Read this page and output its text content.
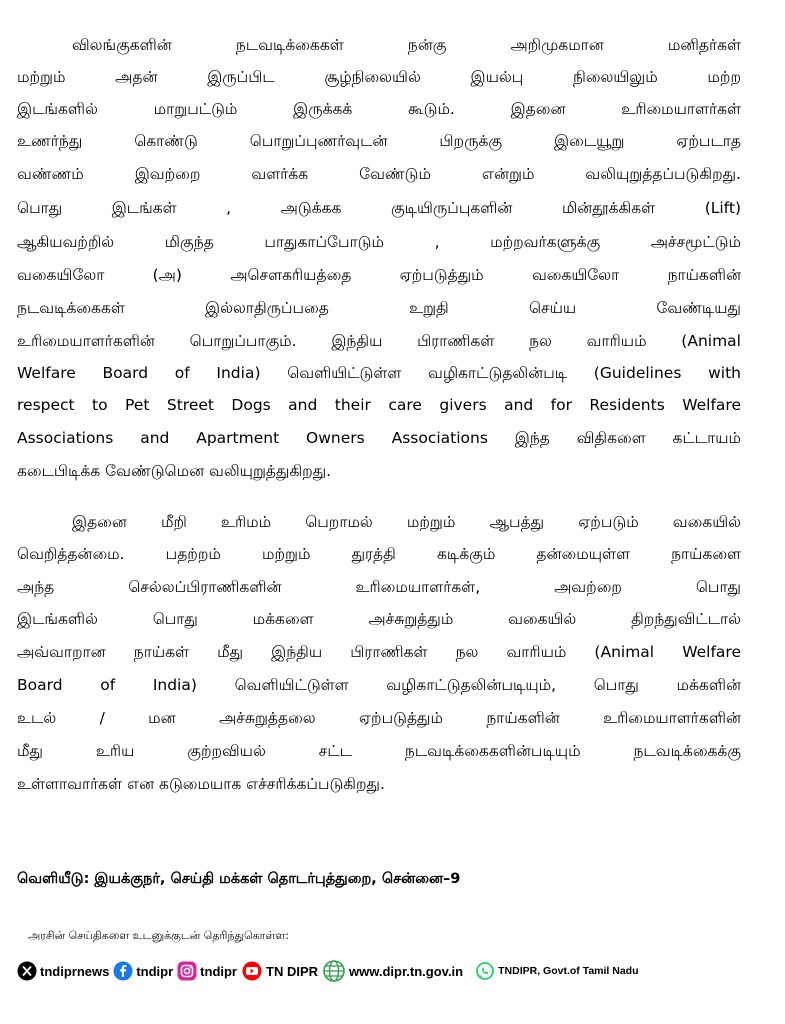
விலங்குகளின் நடவடிக்கைகள் நன்கு அறிமுகமான மனிதர்கள்
மற்றும் அதன் இருப்பிட சூழ்நிலையில் இயல்பு நிலையிலும் மற்ற
இடங்களில் மாறுபட்டும் இருக்கக் கூடும். இதனை உரிமையாளர்கள்
உணர்ந்து கொண்டு பொறுப்புணர்வுடன் பிறருக்கு இடையூறு ஏற்படாத
வண்ணம் இவற்றை வளர்க்க வேண்டும் என்றும் வலியுறுத்தப்படுகிறது.
பொது இடங்கள் , அடுக்கக குடியிருப்புகளின் மின்தூக்கிகள் (Lift)
ஆகியவற்றில் மிகுந்த பாதுகாப்போடும் , மற்றவர்களுக்கு அச்சமூட்டும்
வகையிலோ (அ) அசௌகரியத்தை ஏற்படுத்தும் வகையிலோ நாய்களின்
நடவடிக்கைகள் இல்லாதிருப்பதை உறுதி செய்ய வேண்டியது
உரிமையாளர்களின் பொறுப்பாகும். இந்திய பிராணிகள் நல வாரியம் (Animal
Welfare Board of India) வெளியிட்டுள்ள வழிகாட்டுதலின்படி (Guidelines with
respect to Pet Street Dogs and their care givers and for Residents Welfare
Associations and Apartment Owners Associations இந்த விதிகளை கட்டாயம்
கடைபிடிக்க வேண்டுமென வலியுறுத்துகிறது.
இதனை மீறி உரிமம் பெறாமல் மற்றும் ஆபத்து ஏற்படும் வகையில்
வெறித்தன்மை. பதற்றம் மற்றும் துரத்தி கடிக்கும் தன்மையுள்ள நாய்களை
அந்த செல்லப்பிராணிகளின் உரிமையாளர்கள், அவற்றை பொது
இடங்களில் பொது மக்களை அச்சுறுத்தும் வகையில் திறந்துவிட்டால்
அவ்வாறான நாய்கள் மீது இந்திய பிராணிகள் நல வாரியம் (Animal Welfare
Board of India) வெளியிட்டுள்ள வழிகாட்டுதலின்படியும், பொது மக்களின்
உடல் / மன அச்சுறுத்தலை ஏற்படுத்தும் நாய்களின் உரிமையாளர்களின்
மீது உரிய குற்றவியல் சட்ட நடவடிக்கைகளின்படியும் நடவடிக்கைக்கு
உள்ளாவார்கள் என கடுமையாக எச்சரிக்கப்படுகிறது.
வெளியீடு: இயக்குநர், செய்தி மக்கள் தொடர்புத்துறை, சென்னை–9
அரசின் செய்திகளை உடனுக்குடன் தெரிந்துகொள்ள:
tndiprnews tndipr tndipr TN DIPR www.dipr.tn.gov.in	TNDIPR, Govt.of Tamil Nadu
